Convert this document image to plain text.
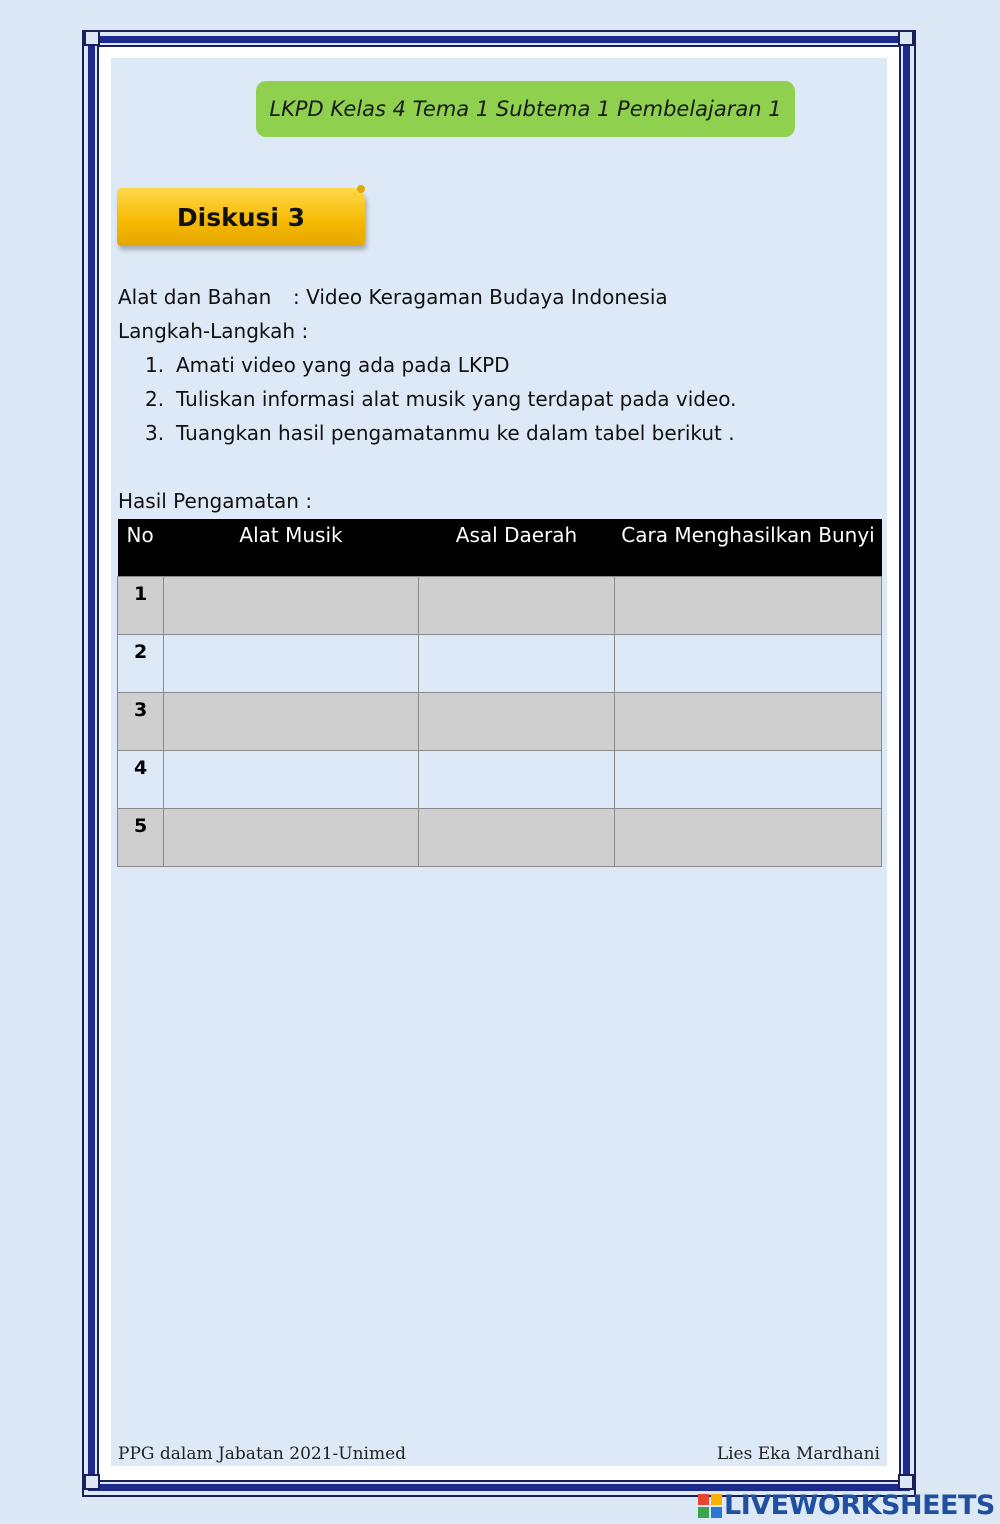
LKPD Kelas 4 Tema 1 Subtema 1 Pembelajaran 1
Diskusi 3
Alat dan Bahan : Video Keragaman Budaya Indonesia
Langkah-Langkah :
1. Amati video yang ada pada LKPD
2. Tuliskan informasi alat musik yang terdapat pada video.
3. Tuangkan hasil pengamatanmu ke dalam tabel berikut .
Hasil Pengamatan :
No	Alat Musik	Asal Daerah	Cara Menghasilkan Bunyi
1			
2			
3			
4			
5			
PPG dalam Jabatan 2021-Unimed	Lies Eka Mardhani
LIVEWORKSHEETS
